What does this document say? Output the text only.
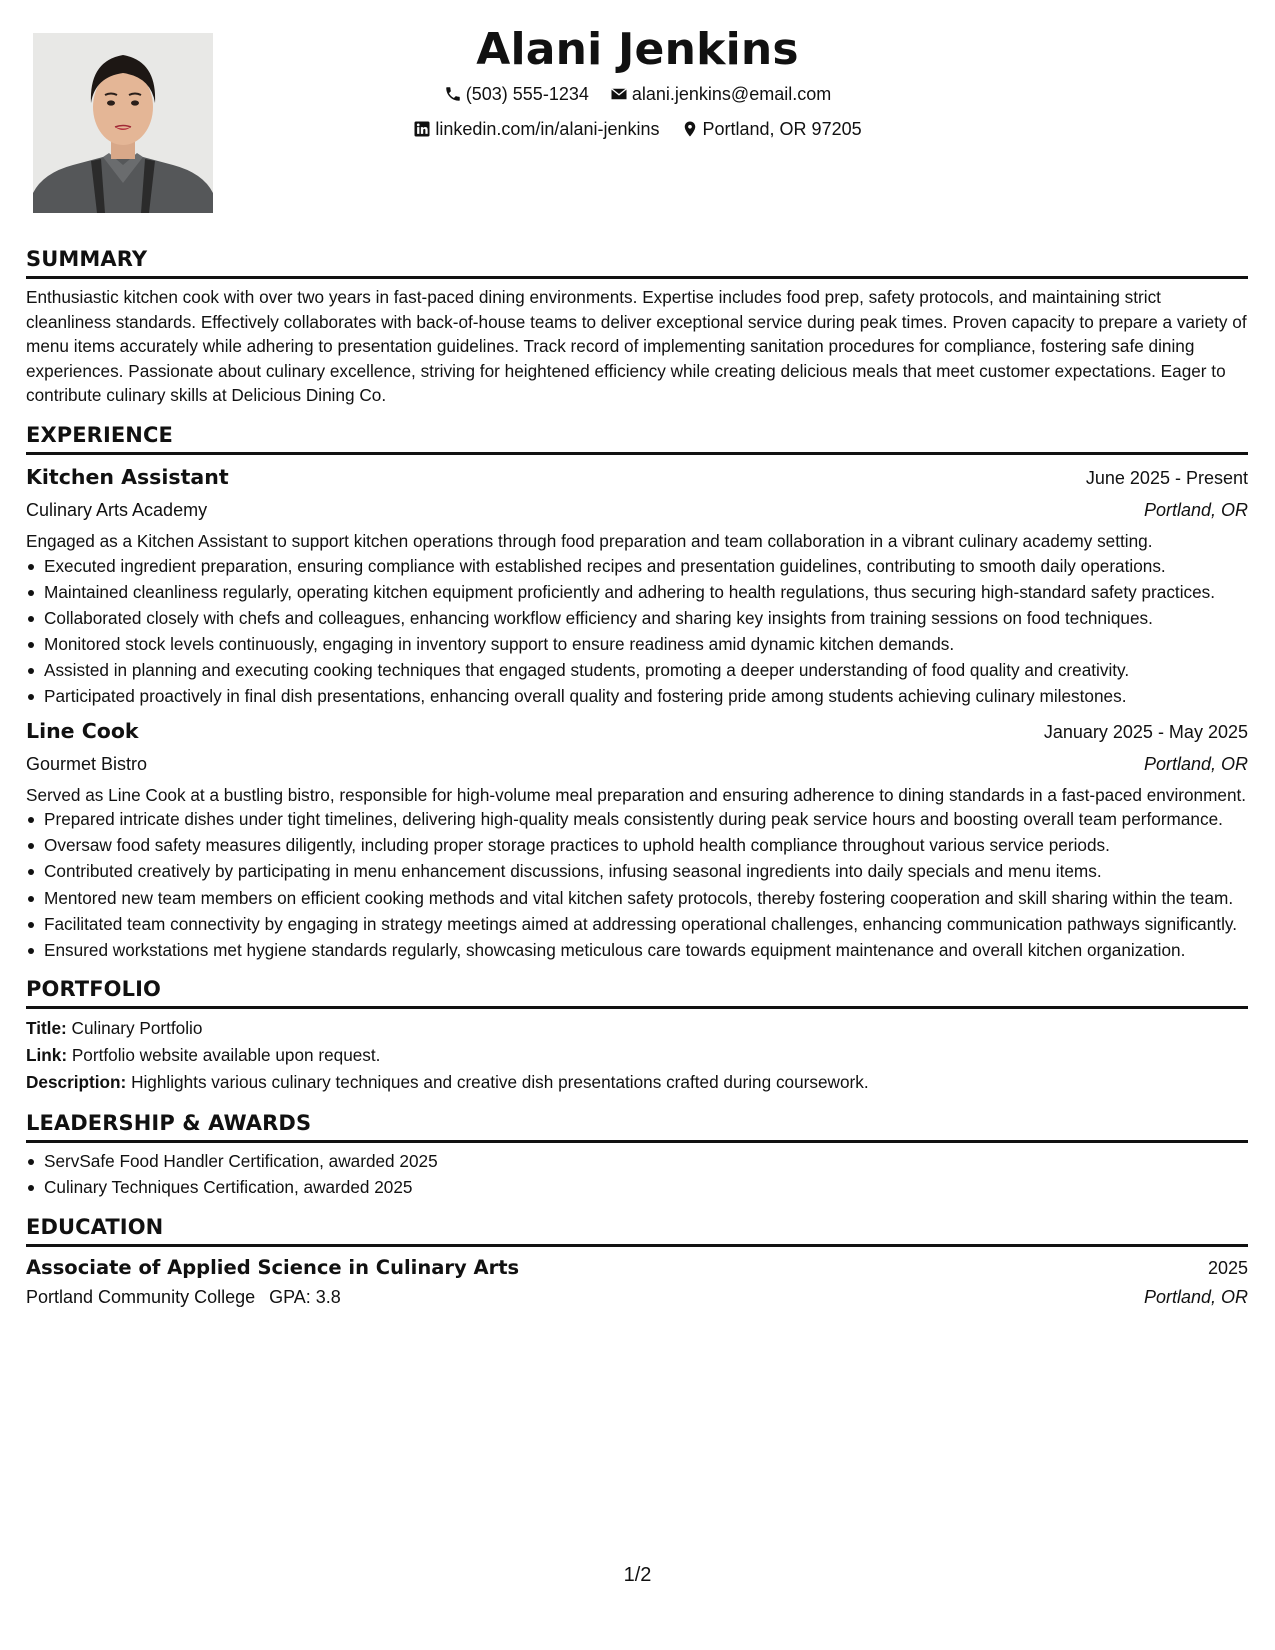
Alani Jenkins
(503) 555-1234
alani.jenkins@email.com
linkedin.com/in/alani-jenkins
Portland, OR 97205
SUMMARY
Enthusiastic kitchen cook with over two years in fast-paced dining environments. Expertise includes food prep, safety protocols, and maintaining strict cleanliness standards. Effectively collaborates with back-of-house teams to deliver exceptional service during peak times. Proven capacity to prepare a variety of menu items accurately while adhering to presentation guidelines. Track record of implementing sanitation procedures for compliance, fostering safe dining experiences. Passionate about culinary excellence, striving for heightened efficiency while creating delicious meals that meet customer expectations. Eager to contribute culinary skills at Delicious Dining Co.
EXPERIENCE
Kitchen Assistant	June 2025 - Present
Culinary Arts Academy	Portland, OR
Engaged as a Kitchen Assistant to support kitchen operations through food preparation and team collaboration in a vibrant culinary academy setting.
Executed ingredient preparation, ensuring compliance with established recipes and presentation guidelines, contributing to smooth daily operations.
Maintained cleanliness regularly, operating kitchen equipment proficiently and adhering to health regulations, thus securing high-standard safety practices.
Collaborated closely with chefs and colleagues, enhancing workflow efficiency and sharing key insights from training sessions on food techniques.
Monitored stock levels continuously, engaging in inventory support to ensure readiness amid dynamic kitchen demands.
Assisted in planning and executing cooking techniques that engaged students, promoting a deeper understanding of food quality and creativity.
Participated proactively in final dish presentations, enhancing overall quality and fostering pride among students achieving culinary milestones.
Line Cook	January 2025 - May 2025
Gourmet Bistro	Portland, OR
Served as Line Cook at a bustling bistro, responsible for high-volume meal preparation and ensuring adherence to dining standards in a fast-paced environment.
Prepared intricate dishes under tight timelines, delivering high-quality meals consistently during peak service hours and boosting overall team performance.
Oversaw food safety measures diligently, including proper storage practices to uphold health compliance throughout various service periods.
Contributed creatively by participating in menu enhancement discussions, infusing seasonal ingredients into daily specials and menu items.
Mentored new team members on efficient cooking methods and vital kitchen safety protocols, thereby fostering cooperation and skill sharing within the team.
Facilitated team connectivity by engaging in strategy meetings aimed at addressing operational challenges, enhancing communication pathways significantly.
Ensured workstations met hygiene standards regularly, showcasing meticulous care towards equipment maintenance and overall kitchen organization.
PORTFOLIO
Title: Culinary Portfolio
Link: Portfolio website available upon request.
Description: Highlights various culinary techniques and creative dish presentations crafted during coursework.
LEADERSHIP & AWARDS
ServSafe Food Handler Certification, awarded 2025
Culinary Techniques Certification, awarded 2025
EDUCATION
Associate of Applied Science in Culinary Arts	2025
Portland Community College GPA: 3.8	Portland, OR
1/2
